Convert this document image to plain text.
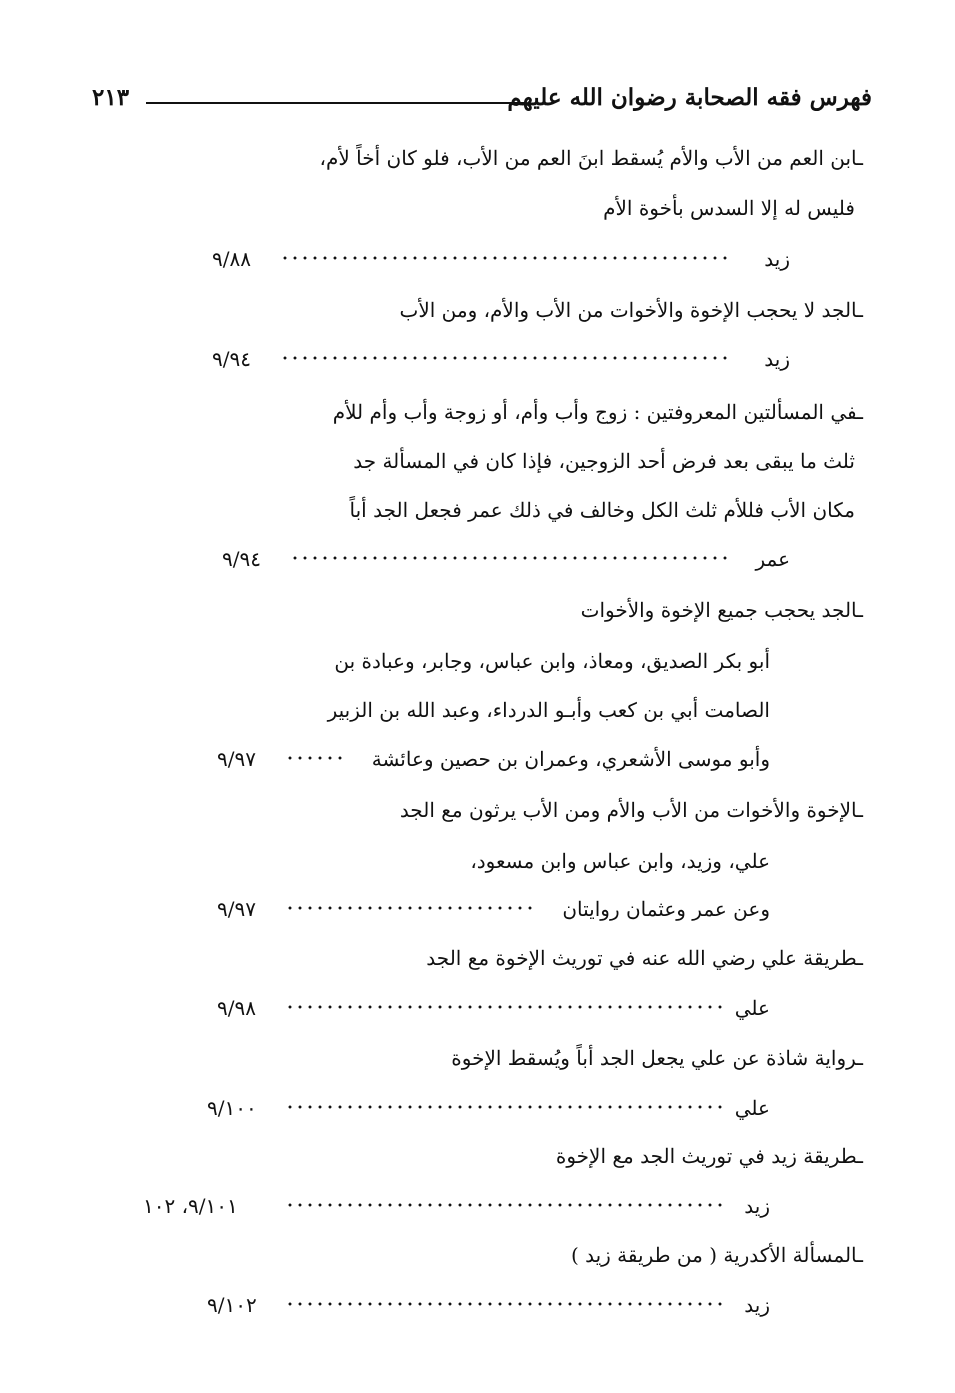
فهرس فقه الصحابة رضوان الله عليهم
٢١٣
ـ ابن العم من الأب والأم يُسقط ابنَ العم من الأب، فلو كان أخاً لأم،
فليس له إلا السدس بأخوة الأم
زيد
٩/٨٨
ـ الجد لا يحجب الإخوة والأخوات من الأب والأم، ومن الأب
زيد
٩/٩٤
ـ في المسألتين المعروفتين : زوج وأب وأم، أو زوجة وأب وأم للأم
ثلث ما يبقى بعد فرض أحد الزوجين، فإذا كان في المسألة جد
مكان الأب فللأم ثلث الكل وخالف في ذلك عمر فجعل الجد أباً
عمر
٩/٩٤
ـ الجد يحجب جميع الإخوة والأخوات
أبو بكر الصديق، ومعاذ، وابن عباس، وجابر، وعبادة بن
الصامت أبي بن كعب وأبـو الدرداء، وعبد الله بن الزبير
وأبو موسى الأشعري، وعمران بن حصين وعائشة
٩/٩٧
ـ الإخوة والأخوات من الأب والأم ومن الأب يرثون مع الجد
علي، وزيد، وابن عباس وابن مسعود،
وعن عمر وعثمان روايتان
٩/٩٧
ـ طريقة علي رضي الله عنه في توريث الإخوة مع الجد
علي
٩/٩٨
ـ رواية شاذة عن علي يجعل الجد أباً ويُسقط الإخوة
علي
٩/١٠٠
ـ طريقة زيد في توريث الجد مع الإخوة
زيد
٩/١٠١، ١٠٢
ـ المسألة الأكدرية ( من طريقة زيد )
زيد
٩/١٠٢
